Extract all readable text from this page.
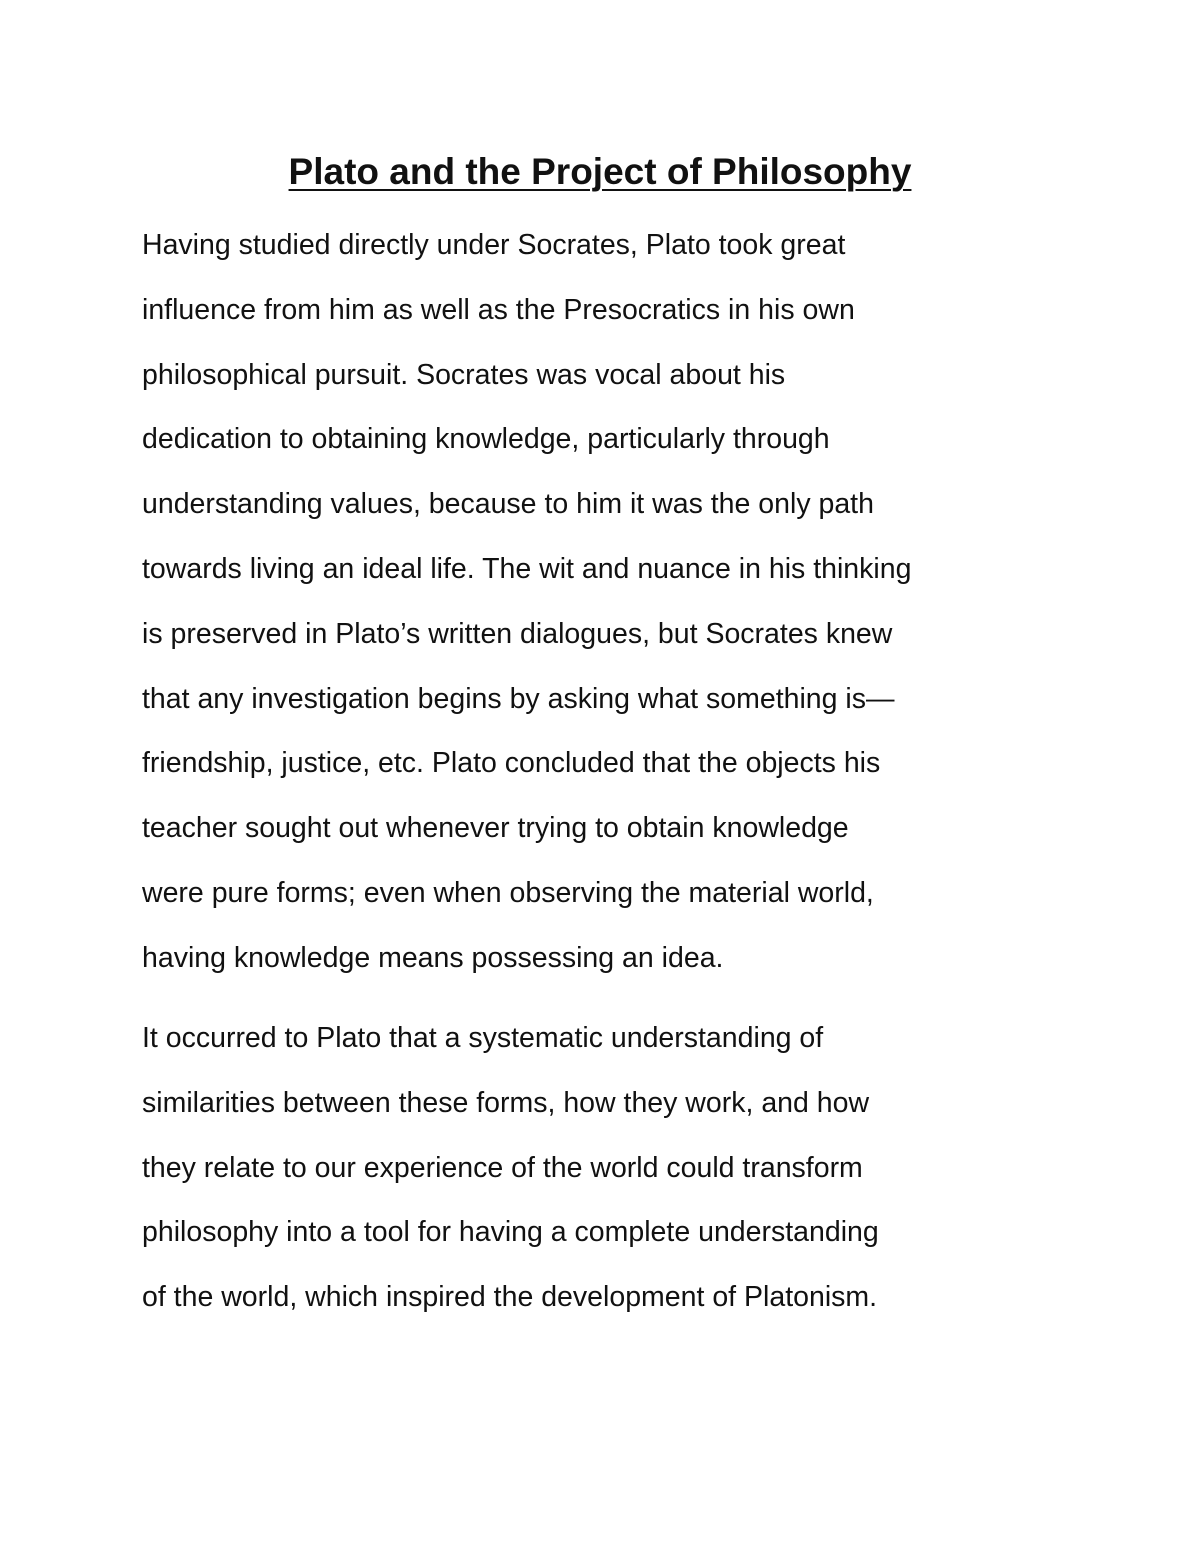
Plato and the Project of Philosophy

Having studied directly under Socrates, Plato took great
influence from him as well as the Presocratics in his own
philosophical pursuit. Socrates was vocal about his
dedication to obtaining knowledge, particularly through
understanding values, because to him it was the only path
towards living an ideal life. The wit and nuance in his thinking
is preserved in Plato’s written dialogues, but Socrates knew
that any investigation begins by asking what something is—
friendship, justice, etc. Plato concluded that the objects his
teacher sought out whenever trying to obtain knowledge
were pure forms; even when observing the material world,
having knowledge means possessing an idea.

It occurred to Plato that a systematic understanding of
similarities between these forms, how they work, and how
they relate to our experience of the world could transform
philosophy into a tool for having a complete understanding
of the world, which inspired the development of Platonism.
